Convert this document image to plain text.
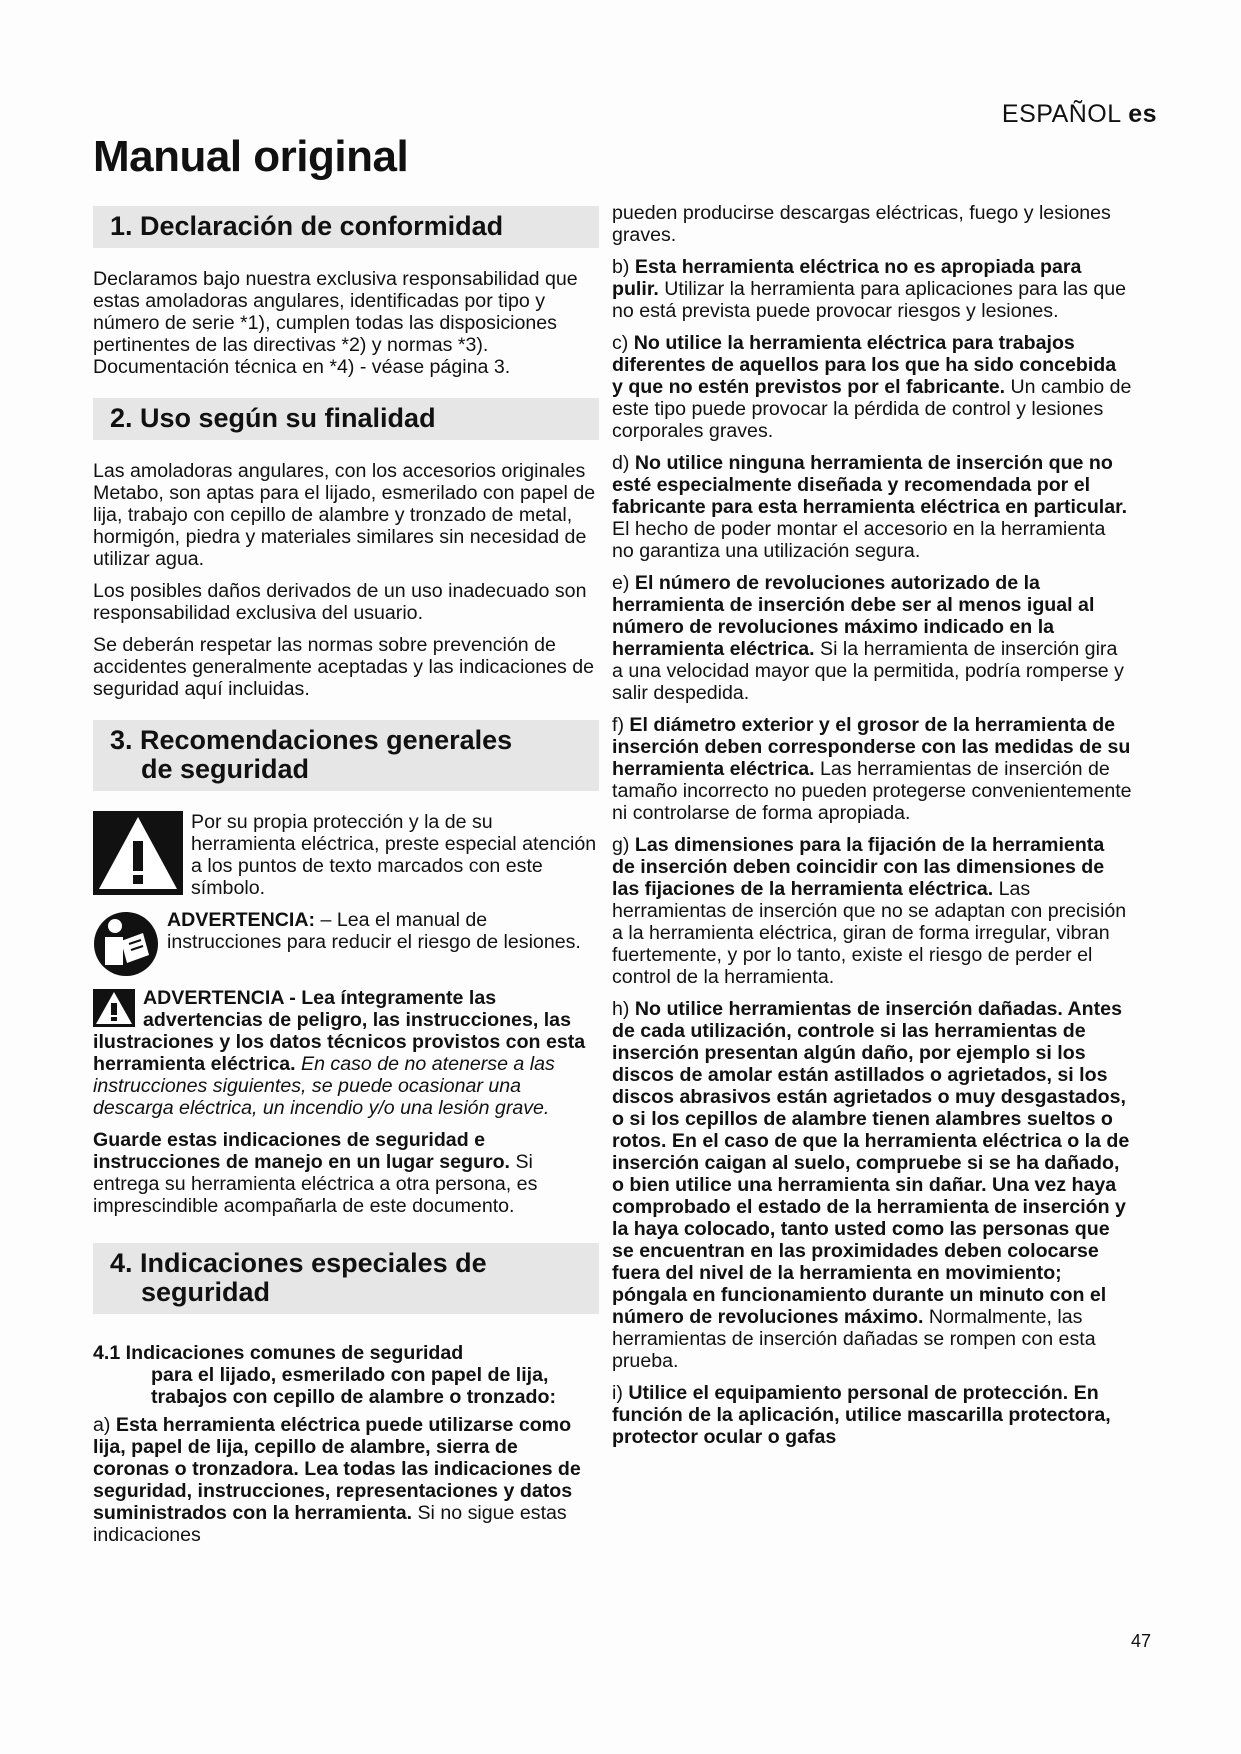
ESPAÑOL es
Manual original
1. Declaración de conformidad

Declaramos bajo nuestra exclusiva responsabilidad que estas amoladoras angulares, identificadas por tipo y número de serie *1), cumplen todas las disposiciones pertinentes de las directivas *2) y normas *3). Documentación técnica en *4) - véase página 3.

2. Uso según su finalidad

Las amoladoras angulares, con los accesorios originales Metabo, son aptas para el lijado, esmerilado con papel de lija, trabajo con cepillo de alambre y tronzado de metal, hormigón, piedra y materiales similares sin necesidad de utilizar agua.

Los posibles daños derivados de un uso inadecuado son responsabilidad exclusiva del usuario.

Se deberán respetar las normas sobre prevención de accidentes generalmente aceptadas y las indicaciones de seguridad aquí incluidas.

3. Recomendaciones generales
de seguridad

Por su propia protección y la de su herramienta eléctrica, preste especial atención a los puntos de texto marcados con este símbolo.

ADVERTENCIA: – Lea el manual de instrucciones para reducir el riesgo de lesiones.

ADVERTENCIA - Lea íntegramente las advertencias de peligro, las instrucciones, las ilustraciones y los datos técnicos provistos con esta herramienta eléctrica. En caso de no atenerse a las instrucciones siguientes, se puede ocasionar una descarga eléctrica, un incendio y/o una lesión grave.

Guarde estas indicaciones de seguridad e instrucciones de manejo en un lugar seguro. Si entrega su herramienta eléctrica a otra persona, es imprescindible acompañarla de este documento.

4. Indicaciones especiales de
seguridad
4.1 Indicaciones comunes de seguridad
para el lijado, esmerilado con papel de lija, trabajos con cepillo de alambre o tronzado:

a) Esta herramienta eléctrica puede utilizarse como lija, papel de lija, cepillo de alambre, sierra de coronas o tronzadora. Lea todas las indicaciones de seguridad, instrucciones, representaciones y datos suministrados con la herramienta. Si no sigue estas indicaciones

pueden producirse descargas eléctricas, fuego y lesiones graves.

b) Esta herramienta eléctrica no es apropiada para pulir. Utilizar la herramienta para aplicaciones para las que no está prevista puede provocar riesgos y lesiones.

c) No utilice la herramienta eléctrica para trabajos diferentes de aquellos para los que ha sido concebida y que no estén previstos por el fabricante. Un cambio de este tipo puede provocar la pérdida de control y lesiones corporales graves.

d) No utilice ninguna herramienta de inserción que no esté especialmente diseñada y recomendada por el fabricante para esta herramienta eléctrica en particular. El hecho de poder montar el accesorio en la herramienta no garantiza una utilización segura.

e) El número de revoluciones autorizado de la herramienta de inserción debe ser al menos igual al número de revoluciones máximo indicado en la herramienta eléctrica. Si la herramienta de inserción gira a una velocidad mayor que la permitida, podría romperse y salir despedida.

f) El diámetro exterior y el grosor de la herramienta de inserción deben corresponderse con las medidas de su herramienta eléctrica. Las herramientas de inserción de tamaño incorrecto no pueden protegerse convenientemente ni controlarse de forma apropiada.

g) Las dimensiones para la fijación de la herramienta de inserción deben coincidir con las dimensiones de las fijaciones de la herramienta eléctrica. Las herramientas de inserción que no se adaptan con precisión a la herramienta eléctrica, giran de forma irregular, vibran fuertemente, y por lo tanto, existe el riesgo de perder el control de la herramienta.

h) No utilice herramientas de inserción dañadas. Antes de cada utilización, controle si las herramientas de inserción presentan algún daño, por ejemplo si los discos de amolar están astillados o agrietados, si los discos abrasivos están agrietados o muy desgastados, o si los cepillos de alambre tienen alambres sueltos o rotos. En el caso de que la herramienta eléctrica o la de inserción caigan al suelo, compruebe si se ha dañado, o bien utilice una herramienta sin dañar. Una vez haya comprobado el estado de la herramienta de inserción y la haya colocado, tanto usted como las personas que se encuentran en las proximidades deben colocarse fuera del nivel de la herramienta en movimiento; póngala en funcionamiento durante un minuto con el número de revoluciones máximo. Normalmente, las herramientas de inserción dañadas se rompen con esta prueba.

i) Utilice el equipamiento personal de protección. En función de la aplicación, utilice mascarilla protectora, protector ocular o gafas

47
